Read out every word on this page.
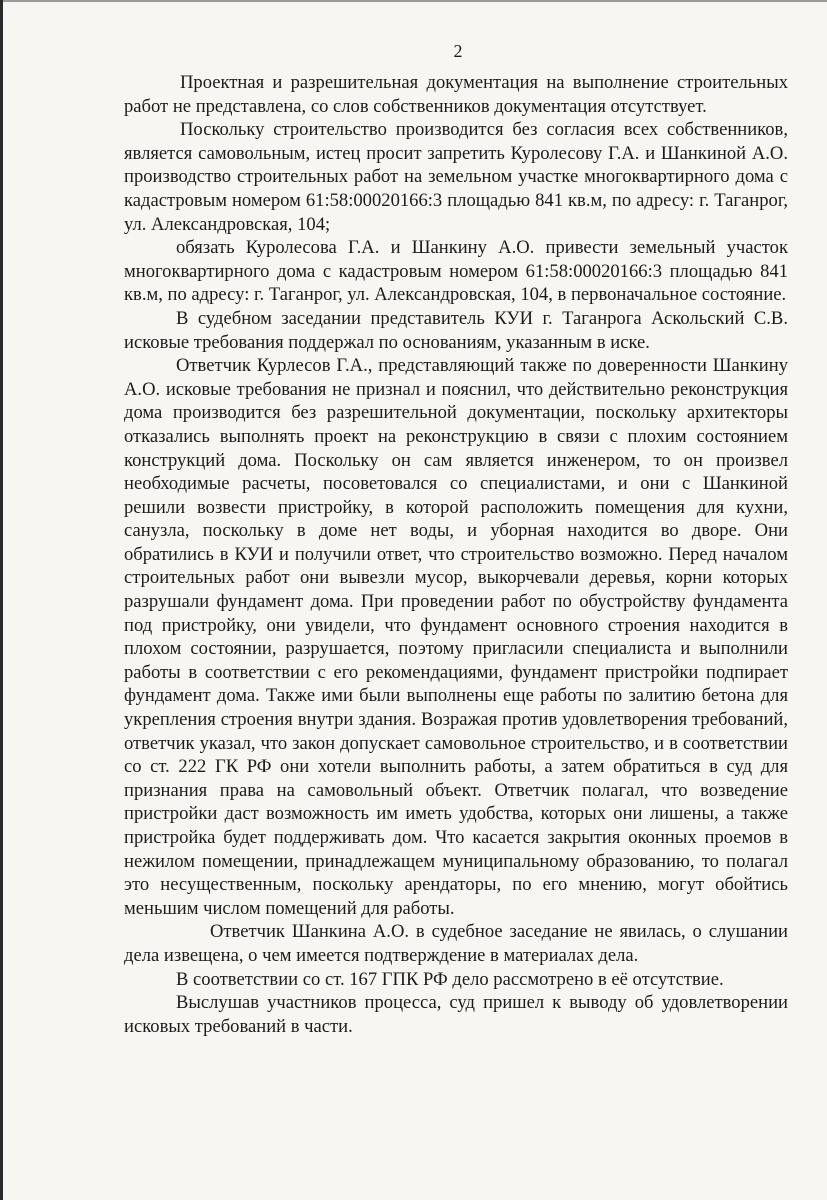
2

Проектная и разрешительная документация на выполнение строительных работ не представлена, со слов собственников документация отсутствует.

Поскольку строительство производится без согласия всех собственников, является самовольным, истец просит запретить Куролесову Г.А. и Шанкиной А.О. производство строительных работ на земельном участке многоквартирного дома с кадастровым номером 61:58:00020166:3 площадью 841 кв.м, по адресу: г. Таганрог, ул. Александровская, 104;

обязать Куролесова Г.А. и Шанкину А.О. привести земельный участок многоквартирного дома с кадастровым номером 61:58:00020166:3 площадью 841 кв.м, по адресу: г. Таганрог, ул. Александровская, 104, в первоначальное состояние.

В судебном заседании представитель КУИ г. Таганрога Аскольский С.В. исковые требования поддержал по основаниям, указанным в иске.

Ответчик Курлесов Г.А., представляющий также по доверенности Шанкину А.О. исковые требования не признал и пояснил, что действительно реконструкция дома производится без разрешительной документации, поскольку архитекторы отказались выполнять проект на реконструкцию в связи с плохим состоянием конструкций дома. Поскольку он сам является инженером, то он произвел необходимые расчеты, посоветовался со специалистами, и они с Шанкиной решили возвести пристройку, в которой расположить помещения для кухни, санузла, поскольку в доме нет воды, и уборная находится во дворе. Они обратились в КУИ и получили ответ, что строительство возможно. Перед началом строительных работ они вывезли мусор, выкорчевали деревья, корни которых разрушали фундамент дома. При проведении работ по обустройству фундамента под пристройку, они увидели, что фундамент основного строения находится в плохом состоянии, разрушается, поэтому пригласили специалиста и выполнили работы в соответствии с его рекомендациями, фундамент пристройки подпирает фундамент дома. Также ими были выполнены еще работы по залитию бетона для укрепления строения внутри здания. Возражая против удовлетворения требований, ответчик указал, что закон допускает самовольное строительство, и в соответствии со ст. 222 ГК РФ они хотели выполнить работы, а затем обратиться в суд для признания права на самовольный объект. Ответчик полагал, что возведение пристройки даст возможность им иметь удобства, которых они лишены, а также пристройка будет поддерживать дом. Что касается закрытия оконных проемов в нежилом помещении, принадлежащем муниципальному образованию, то полагал это несущественным, поскольку арендаторы, по его мнению, могут обойтись меньшим числом помещений для работы.

Ответчик Шанкина А.О. в судебное заседание не явилась, о слушании дела извещена, о чем имеется подтверждение в материалах дела.

В соответствии со ст. 167 ГПК РФ дело рассмотрено в её отсутствие.

Выслушав участников процесса, суд пришел к выводу об удовлетворении исковых требований в части.
